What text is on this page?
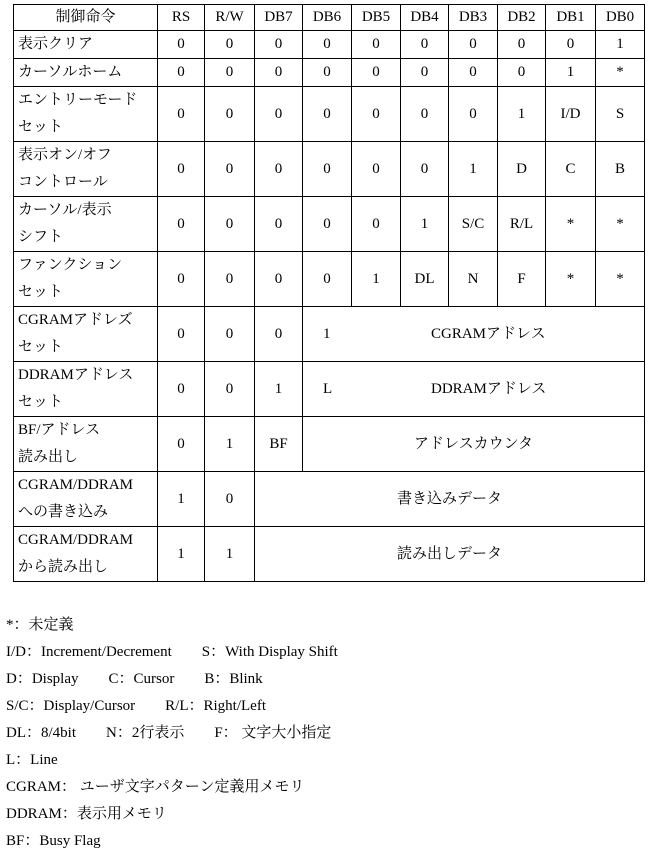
制御命令	RS	R/W	DB7	DB6	DB5	DB4	DB3	DB2	DB1	DB0

表示クリア	0	0	0	0	0	0	0	0	0	1

カーソルホーム	0	0	0	0	0	0	0	0	1	*

エントリーモード
セット	0	0	0	0	0	0	0	1	I/D	S

表示オン/オフ
コントロール	0	0	0	0	0	0	1	D	C	B

カーソル/表示
シフト	0	0	0	0	0	1	S/C	R/L	*	*

ファンクション
セット	0	0	0	0	1	DL	N	F	*	*

CGRAMアドレズ
セット	0	0	0	1 CGRAMアドレス						

DDRAMアドレス
セット	0	0	1	L DDRAMアドレス						

BF/アドレス
読み出し	0	1	BF	アドレスカウンタ						

CGRAM/DDRAM
への書き込み	1	0	書き込みデータ							

CGRAM/DDRAM
から読み出し	1	1	読み出しデータ							
*：未定義
I/D：Increment/Decrement　　S：With Display Shift
D：Display　　C：Cursor　　B：Blink
S/C：Display/Cursor　　R/L：Right/Left
DL：8/4bit　　N：2行表示　　F： 文字大小指定
L：Line
CGRAM： ユーザ文字パターン定義用メモリ
DDRAM：表示用メモリ
BF：Busy Flag
